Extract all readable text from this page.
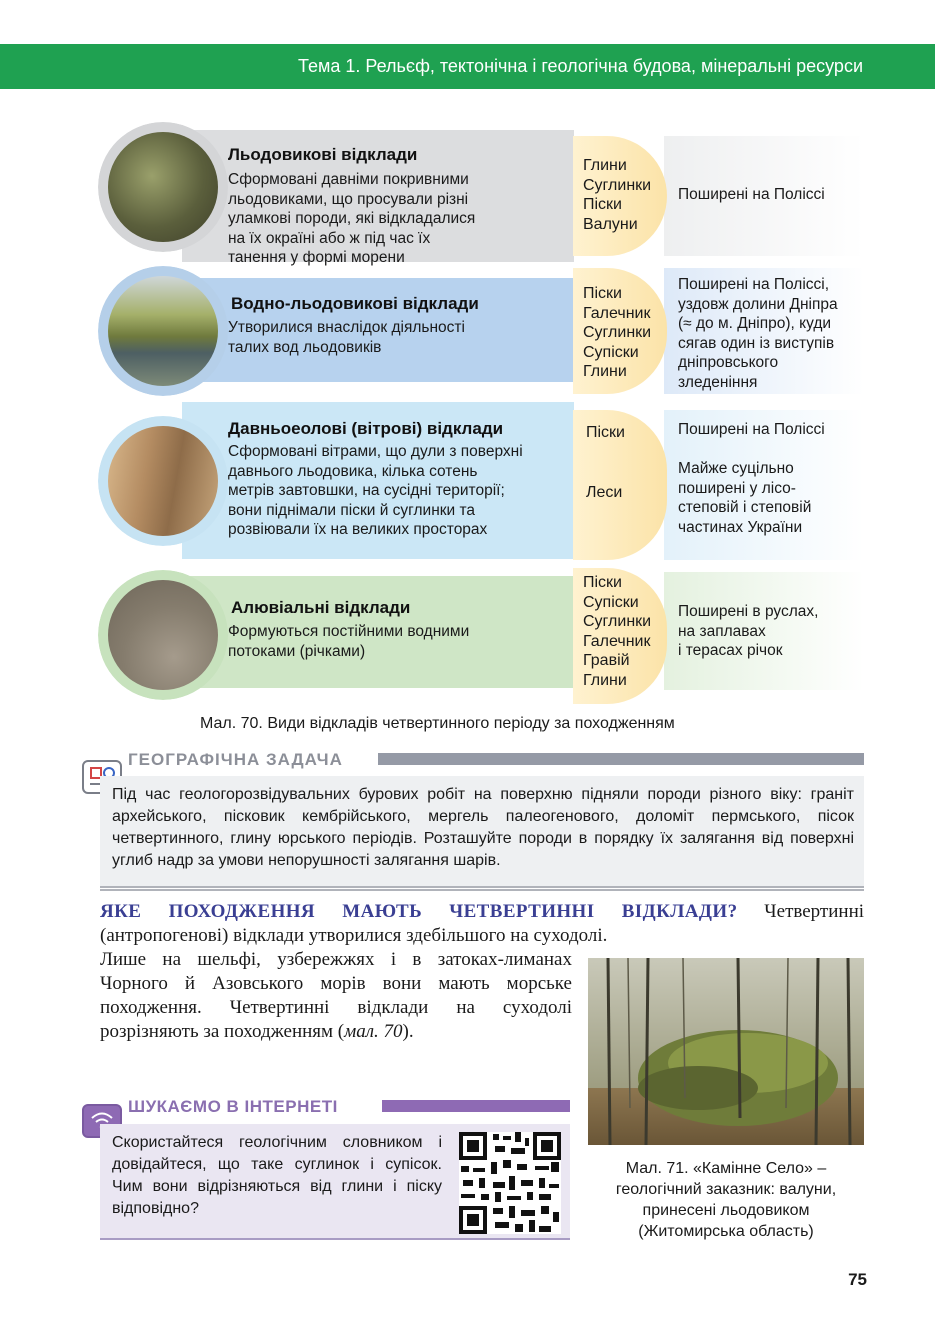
Тема 1. Рельєф, тектонічна і геологічна будова, мінеральні ресурси
Льодовикові відклади
Сформовані давніми покривними
льодовиками, що просували різні
уламкові породи, які відкладалися
на їх окраїні або ж під час їх
танення у формі морени
Поширені на Поліссі
Глини
Суглинки
Піски
Валуни
Водно-льодовикові відклади
Утворилися внаслідок діяльності
талих вод льодовиків
Поширені на Поліссі,
уздовж долини Дніпра
(≈ до м. Дніпро), куди
сягав один із виступів
дніпровського
зледеніння
Піски
Галечник
Суглинки
Супіски
Глини
Давньоеолові (вітрові) відклади
Сформовані вітрами, що дули з поверхні
давнього льодовика, кілька сотень
метрів завтовшки, на сусідні території;
вони піднімали піски й суглинки та
розвіювали їх на великих просторах
Поширені на Поліссі
Майже суцільно
поширені у лісо-
степовій і степовій
частинах України
Піски
Леси
Алювіальні відклади
Формуються постійними водними
потоками (річками)
Поширені в руслах,
на заплавах
і терасах річок
Піски
Супіски
Суглинки
Галечник
Гравій
Глини
Мал. 70. Види відкладів четвертинного періоду за походженням
ГЕОГРАФІЧНА ЗАДАЧА
Під час геологорозвідувальних бурових робіт на поверхню підняли породи різного віку: граніт архейського, пісковик кембрійського, мергель палеогенового, доломіт пермського, пісок четвертинного, глину юрського періодів. Розташуйте породи в порядку їх залягання від поверхні углиб надр за умови непорушності залягання шарів.
ЯКЕ ПОХОДЖЕННЯ МАЮТЬ ЧЕТВЕРТИННІ ВІДКЛАДИ? Четвертинні (антропогенові) відклади утворилися здебільшого на суходолі.
Лише на шельфі, узбережжях і в затоках-лиманах Чорного й Азовського морів вони мають морське походження. Четвертинні відклади на суходолі розрізняють за походженням (мал. 70).
Мал. 71. «Камінне Село» – геологічний заказник: валуни, принесені льодовиком (Житомирська область)
ШУКАЄМО В ІНТЕРНЕТІ
Скористайтеся геологічним словником і довідайтеся, що таке суглинок і супісок. Чим вони відрізняються від глини і піску відповідно?
75
